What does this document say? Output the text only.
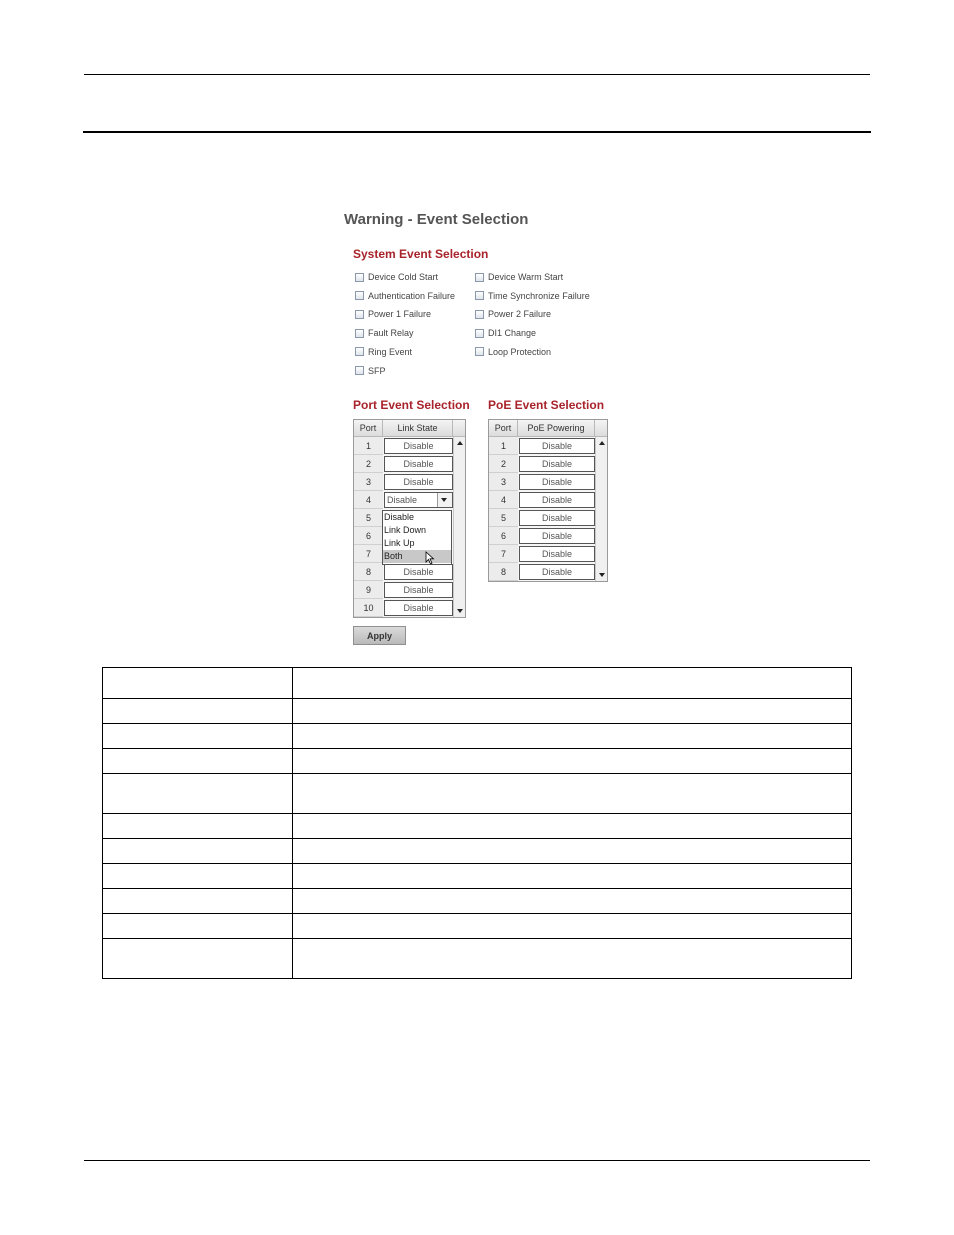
Warning - Event Selection
System Event Selection
Device Cold Start	Device Warm Start
Authentication Failure	Time Synchronize Failure
Power 1 Failure	Power 2 Failure
Fault Relay	DI1 Change
Ring Event	Loop Protection
SFP
Port Event Selection PoE Event Selection
Port	Link State
1	Disable
2	Disable
3	Disable
4	Disable
5
6
7
8	Disable
9	Disable
10	Disable
Port	PoE Powering
1	Disable
2	Disable
3	Disable
4	Disable
5	Disable
6	Disable
7	Disable
8	Disable
Disable
Link Down
Link Up
Both
Apply
